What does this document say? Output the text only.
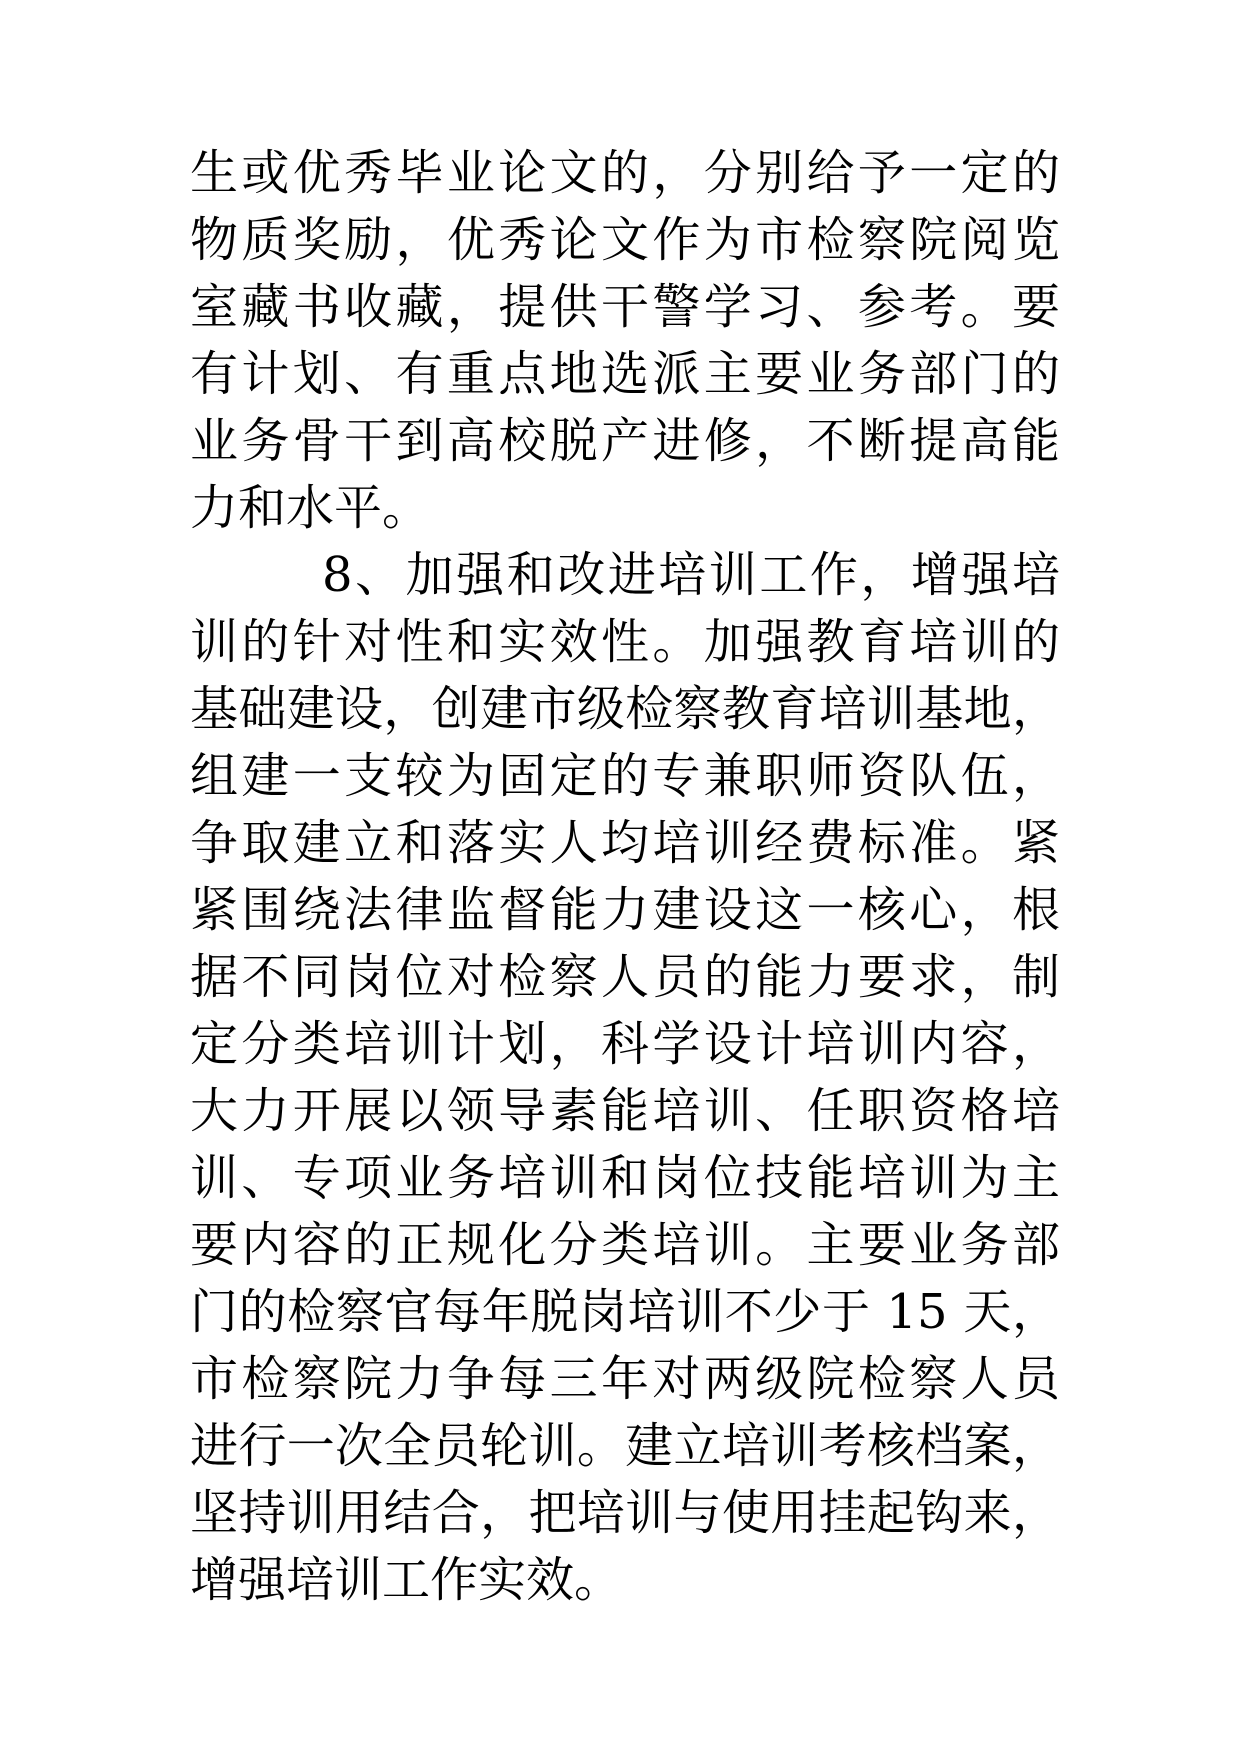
生或优秀毕业论文的，分别给予一定的
物质奖励，优秀论文作为市检察院阅览
室藏书收藏，提供干警学习、参考。要
有计划、有重点地选派主要业务部门的
业务骨干到高校脱产进修，不断提高能
力和水平。
8、加强和改进培训工作，增强培
训的针对性和实效性。加强教育培训的
基础建设，创建市级检察教育培训基地，
组建一支较为固定的专兼职师资队伍，
争取建立和落实人均培训经费标准。紧
紧围绕法律监督能力建设这一核心，根
据不同岗位对检察人员的能力要求，制
定分类培训计划，科学设计培训内容，
大力开展以领导素能培训、任职资格培
训、专项业务培训和岗位技能培训为主
要内容的正规化分类培训。主要业务部
门的检察官每年脱岗培训不少于 15 天，
市检察院力争每三年对两级院检察人员
进行一次全员轮训。建立培训考核档案，
坚持训用结合，把培训与使用挂起钩来，
增强培训工作实效。
